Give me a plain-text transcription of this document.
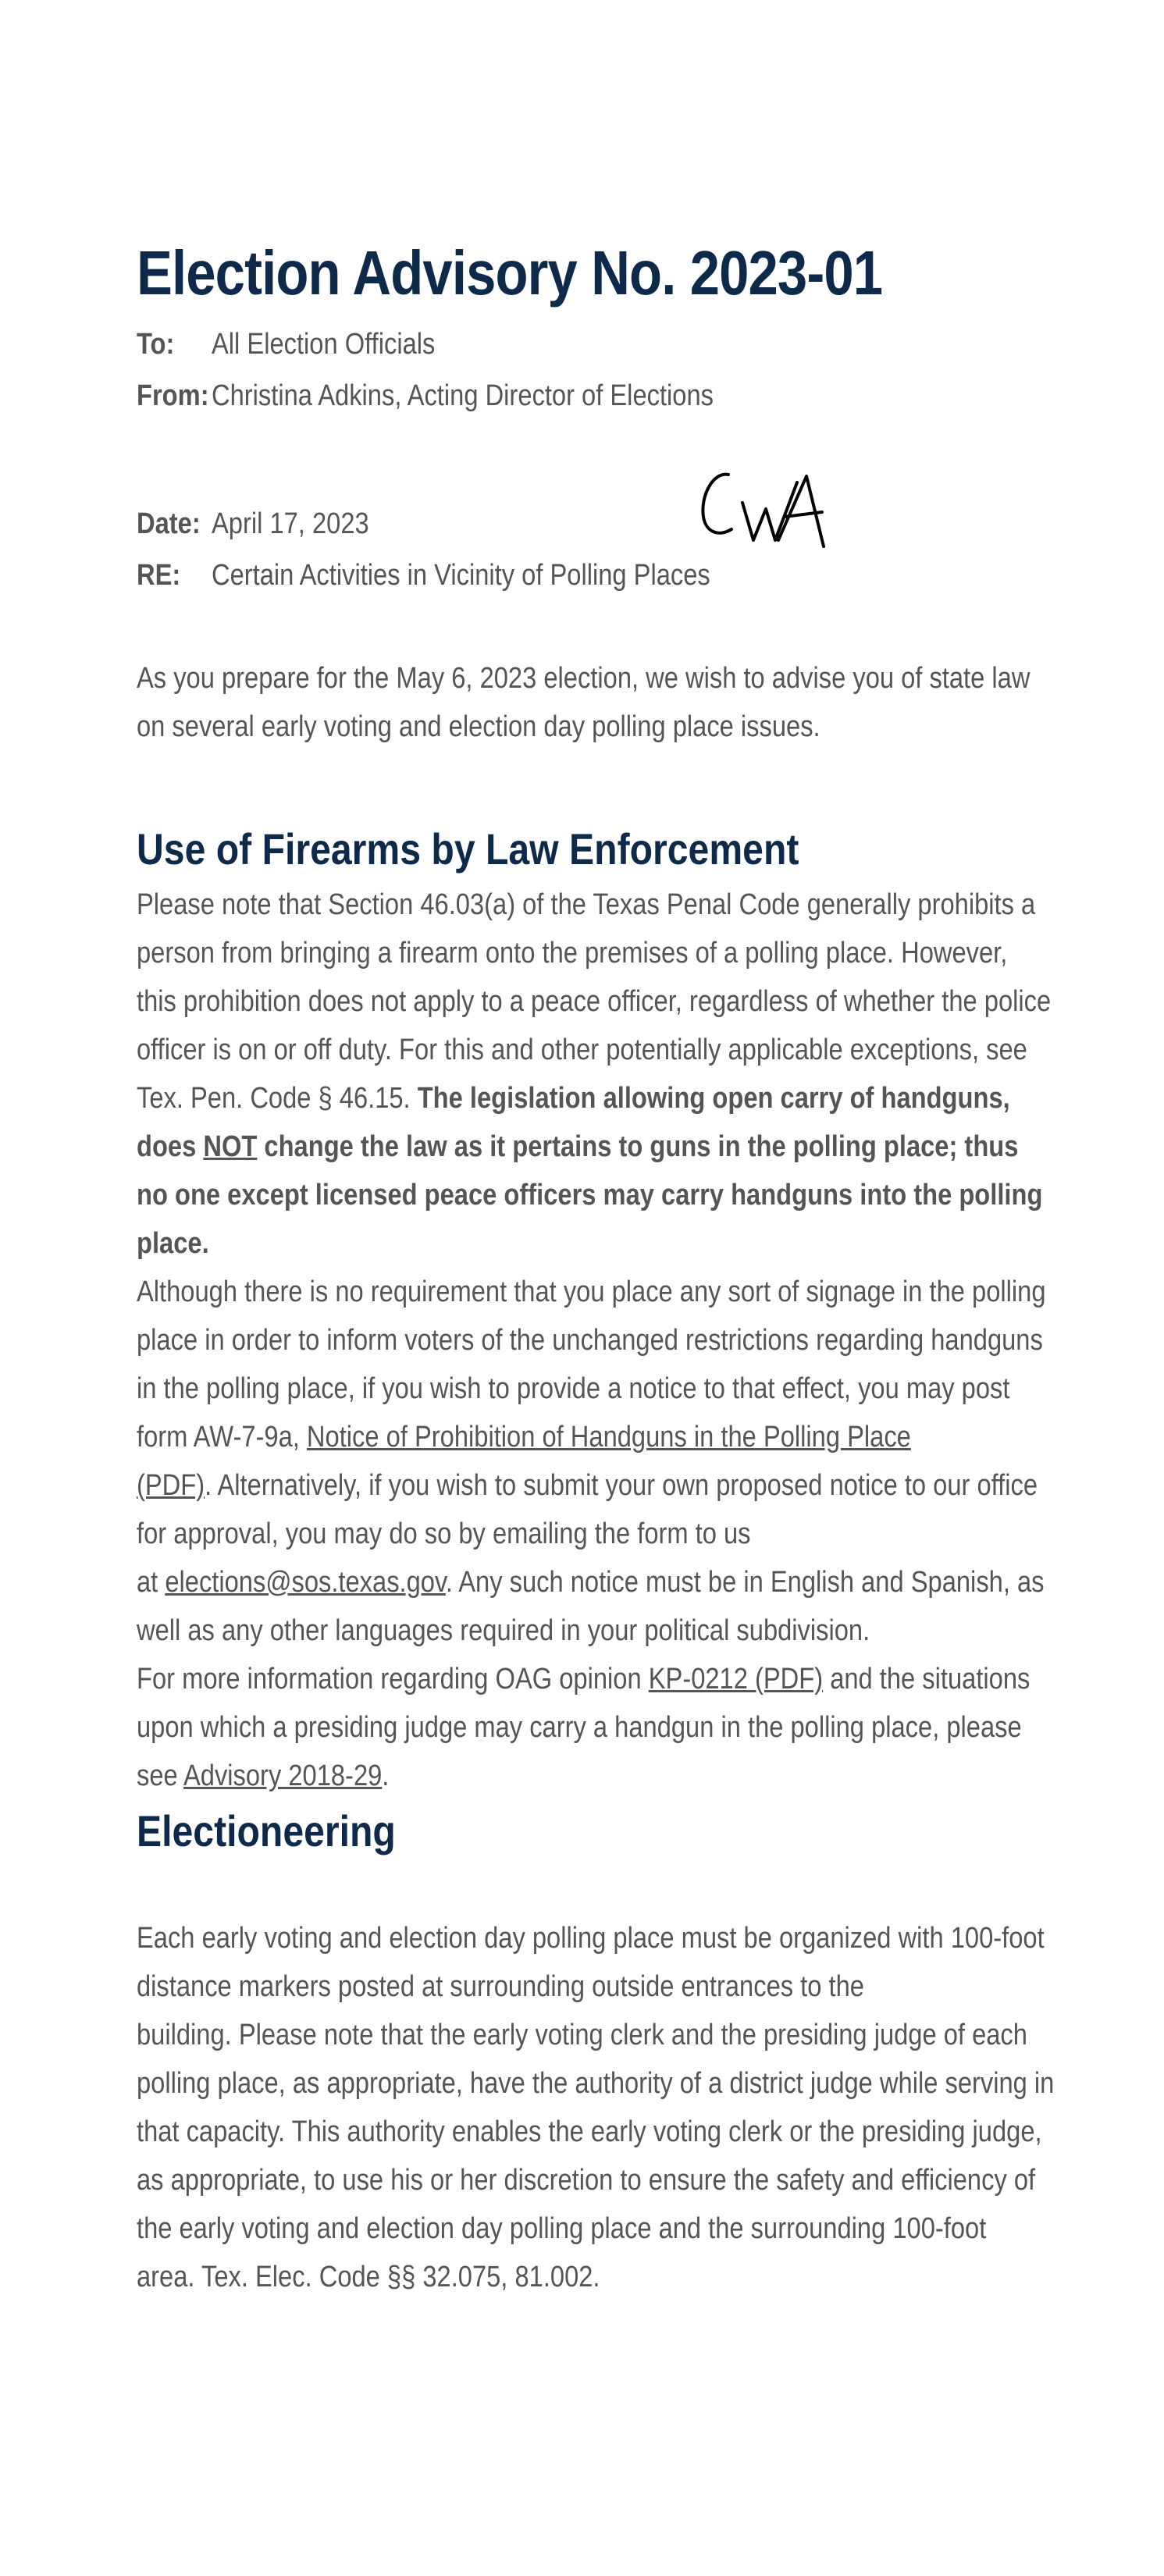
Election Advisory No. 2023-01
To:	All Election Officials
From: Christina Adkins, Acting Director of Elections
Date: April 17, 2023
RE:	Certain Activities in Vicinity of Polling Places

As you prepare for the May 6, 2023 election, we wish to advise you of state law
on several early voting and election day polling place issues.

Use of Firearms by Law Enforcement

Please note that Section 46.03(a) of the Texas Penal Code generally prohibits a
person from bringing a firearm onto the premises of a polling place. However,
this prohibition does not apply to a peace officer, regardless of whether the police
officer is on or off duty. For this and other potentially applicable exceptions, see
Tex. Pen. Code § 46.15. The legislation allowing open carry of handguns,
does NOT change the law as it pertains to guns in the polling place; thus
no one except licensed peace officers may carry handguns into the polling
place.

Although there is no requirement that you place any sort of signage in the polling
place in order to inform voters of the unchanged restrictions regarding handguns
in the polling place, if you wish to provide a notice to that effect, you may post
form AW-7-9a, Notice of Prohibition of Handguns in the Polling Place
(PDF). Alternatively, if you wish to submit your own proposed notice to our office
for approval, you may do so by emailing the form to us
at elections@sos.texas.gov. Any such notice must be in English and Spanish, as
well as any other languages required in your political subdivision.

For more information regarding OAG opinion KP-0212 (PDF) and the situations
upon which a presiding judge may carry a handgun in the polling place, please
see Advisory 2018-29.

Electioneering

Each early voting and election day polling place must be organized with 100-foot
distance markers posted at surrounding outside entrances to the
building. Please note that the early voting clerk and the presiding judge of each
polling place, as appropriate, have the authority of a district judge while serving in
that capacity. This authority enables the early voting clerk or the presiding judge,
as appropriate, to use his or her discretion to ensure the safety and efficiency of
the early voting and election day polling place and the surrounding 100-foot
area. Tex. Elec. Code §§ 32.075, 81.002.
